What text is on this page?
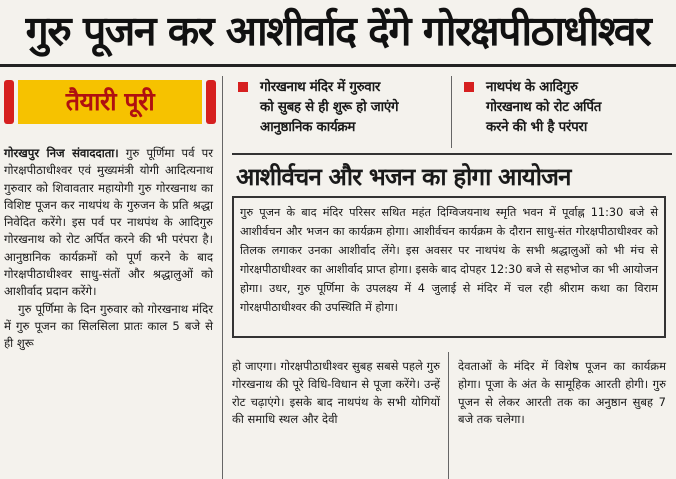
गुरु पूजन कर आशीर्वाद देंगे गोरक्षपीठाधीश्वर
तैयारी पूरी

गोरखपुर निज संवाददाता। गुरु पूर्णिमा पर्व पर गोरक्षपीठाधीश्वर एवं मुख्यमंत्री योगी आदित्यनाथ गुरुवार को शिवावतार महायोगी गुरु गोरखनाथ का विशिष्ट पूजन कर नाथपंथ के गुरुजन के प्रति श्रद्धा निवेदित करेंगे। इस पर्व पर नाथपंथ के आदिगुरु गोरखनाथ को रोट अर्पित करने की भी परंपरा है। आनुष्ठानिक कार्यक्रमों को पूर्ण करने के बाद गोरक्षपीठाधीश्वर साधु-संतों और श्रद्धालुओं को आशीर्वाद प्रदान करेंगे।

गुरु पूर्णिमा के दिन गुरुवार को गोरखनाथ मंदिर में गुरु पूजन का सिलसिला प्रातः काल 5 बजे से ही शुरू

गोरखनाथ मंदिर में गुरुवार
को सुबह से ही शुरू हो जाएंगे
आनुष्ठानिक कार्यक्रम
नाथपंथ के आदिगुरु
गोरखनाथ को रोट अर्पित
करने की भी है परंपरा
आशीर्वचन और भजन का होगा आयोजन
गुरु पूजन के बाद मंदिर परिसर सथित महंत दिग्विजयनाथ स्मृति भवन में पूर्वाह्न 11:30 बजे से आशीर्वचन और भजन का कार्यक्रम होगा। आशीर्वचन कार्यक्रम के दौरान साधु-संत गोरक्षपीठाधीश्वर को तिलक लगाकर उनका आशीर्वाद लेंगे। इस अवसर पर नाथपंथ के सभी श्रद्धालुओं को भी मंच से गोरक्षपीठाधीश्वर का आशीर्वाद प्राप्त होगा। इसके बाद दोपहर 12:30 बजे से सहभोज का भी आयोजन होगा। उधर, गुरु पूर्णिमा के उपलक्ष्य में 4 जुलाई से मंदिर में चल रही श्रीराम कथा का विराम गोरक्षपीठाधीश्वर की उपस्थिति में होगा।
हो जाएगा। गोरक्षपीठाधीश्वर सुबह सबसे पहले गुरु गोरखनाथ की पूरे विधि-विधान से पूजा करेंगे। उन्हें रोट चढ़ाएंगे। इसके बाद नाथपंथ के सभी योगियों की समाधि स्थल और देवी
देवताओं के मंदिर में विशेष पूजन का कार्यक्रम होगा। पूजा के अंत के सामूहिक आरती होगी। गुरु पूजन से लेकर आरती तक का अनुष्ठान सुबह 7 बजे तक चलेगा।
